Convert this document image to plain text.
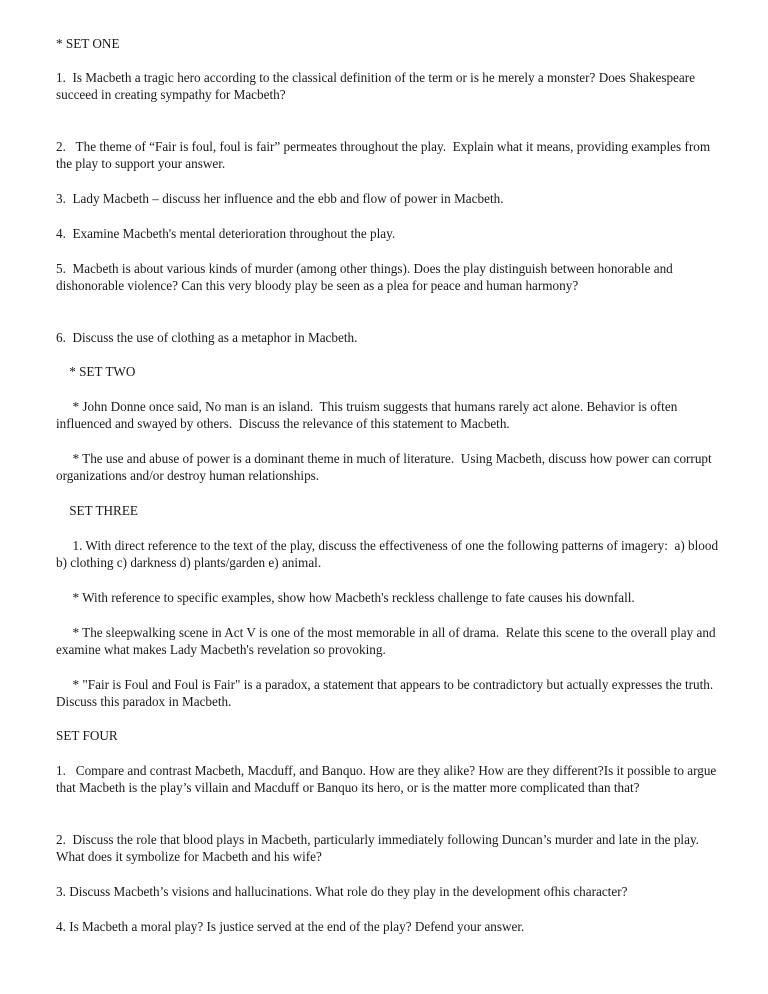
* SET ONE

1.  Is Macbeth a tragic hero according to the classical definition of the term or is he merely a monster? Does Shakespeare succeed in creating sympathy for Macbeth?

2.   The theme of “Fair is foul, foul is fair” permeates throughout the play.  Explain what it means, providing examples from the play to support your answer.

3.  Lady Macbeth – discuss her influence and the ebb and flow of power in Macbeth.

4.  Examine Macbeth's mental deterioration throughout the play.

5.  Macbeth is about various kinds of murder (among other things). Does the play distinguish between honorable and dishonorable violence? Can this very bloody play be seen as a plea for peace and human harmony?

6.  Discuss the use of clothing as a metaphor in Macbeth.

* SET TWO

* John Donne once said, No man is an island.  This truism suggests that humans rarely act alone. Behavior is often influenced and swayed by others.  Discuss the relevance of this statement to Macbeth.

* The use and abuse of power is a dominant theme in much of literature.  Using Macbeth, discuss how power can corrupt organizations and/or destroy human relationships.

SET THREE

1. With direct reference to the text of the play, discuss the effectiveness of one the following patterns of imagery:  a) blood b) clothing c) darkness d) plants/garden e) animal.

* With reference to specific examples, show how Macbeth's reckless challenge to fate causes his downfall.

* The sleepwalking scene in Act V is one of the most memorable in all of drama.  Relate this scene to the overall play and examine what makes Lady Macbeth's revelation so provoking.

* "Fair is Foul and Foul is Fair" is a paradox, a statement that appears to be contradictory but actually expresses the truth.  Discuss this paradox in Macbeth.

SET FOUR

1.   Compare and contrast Macbeth, Macduff, and Banquo. How are they alike? How are they different?Is it possible to argue that Macbeth is the play’s villain and Macduff or Banquo its hero, or is the matter more complicated than that?

2.  Discuss the role that blood plays in Macbeth, particularly immediately following Duncan’s murder and late in the play. What does it symbolize for Macbeth and his wife?

3. Discuss Macbeth’s visions and hallucinations. What role do they play in the development ofhis character?

4. Is Macbeth a moral play? Is justice served at the end of the play? Defend your answer.
